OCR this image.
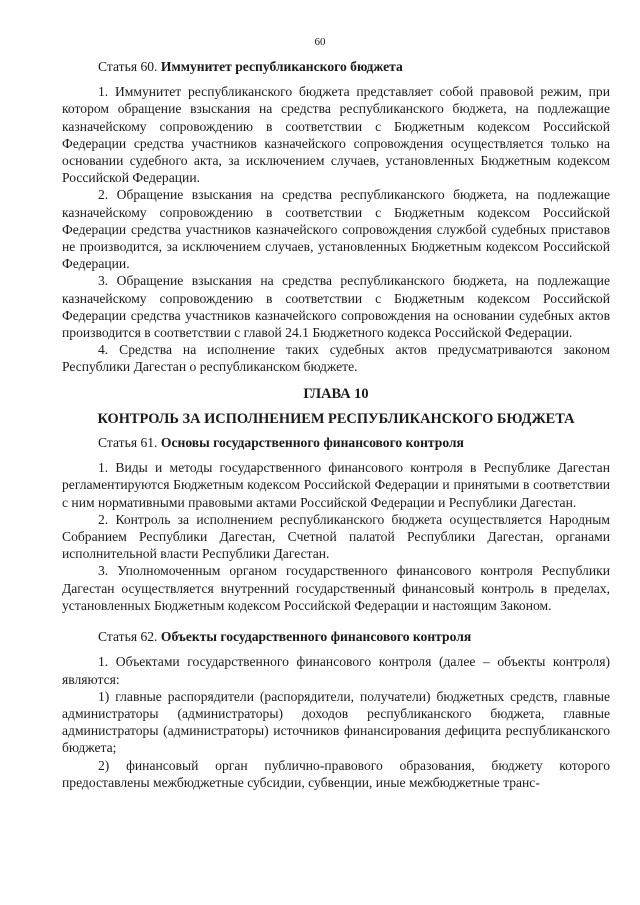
60
Статья 60. Иммунитет республиканского бюджета

1. Иммунитет республиканского бюджета представляет собой правовой режим, при котором обращение взыскания на средства республиканского бюджета, на подлежащие казначейскому сопровождению в соответствии с Бюджетным кодексом Российской Федерации средства участников казначейского сопровождения осуществляется только на основании судебного акта, за исключением случаев, установленных Бюджетным кодексом Российской Федерации.

2. Обращение взыскания на средства республиканского бюджета, на подлежащие казначейскому сопровождению в соответствии с Бюджетным кодексом Российской Федерации средства участников казначейского сопровождения службой судебных приставов не производится, за исключением случаев, установленных Бюджетным кодексом Российской Федерации.

3. Обращение взыскания на средства республиканского бюджета, на подлежащие казначейскому сопровождению в соответствии с Бюджетным кодексом Российской Федерации средства участников казначейского сопровождения на основании судебных актов производится в соответствии с главой 24.1 Бюджетного кодекса Российской Федерации.

4. Средства на исполнение таких судебных актов предусматриваются законом Республики Дагестан о республиканском бюджете.

ГЛАВА 10
КОНТРОЛЬ ЗА ИСПОЛНЕНИЕМ РЕСПУБЛИКАНСКОГО БЮДЖЕТА
Статья 61. Основы государственного финансового контроля

1. Виды и методы государственного финансового контроля в Республике Дагестан регламентируются Бюджетным кодексом Российской Федерации и принятыми в соответствии с ним нормативными правовыми актами Российской Федерации и Республики Дагестан.

2. Контроль за исполнением республиканского бюджета осуществляется Народным Собранием Республики Дагестан, Счетной палатой Республики Дагестан, органами исполнительной власти Республики Дагестан.

3. Уполномоченным органом государственного финансового контроля Республики Дагестан осуществляется внутренний государственный финансовый контроль в пределах, установленных Бюджетным кодексом Российской Федерации и настоящим Законом.

Статья 62. Объекты государственного финансового контроля

1. Объектами государственного финансового контроля (далее – объекты контроля) являются:

1) главные распорядители (распорядители, получатели) бюджетных средств, главные администраторы (администраторы) доходов республиканского бюджета, главные администраторы (администраторы) источников финансирования дефицита республиканского бюджета;

2) финансовый орган публично-правового образования, бюджету которого предоставлены межбюджетные субсидии, субвенции, иные межбюджетные транс-
